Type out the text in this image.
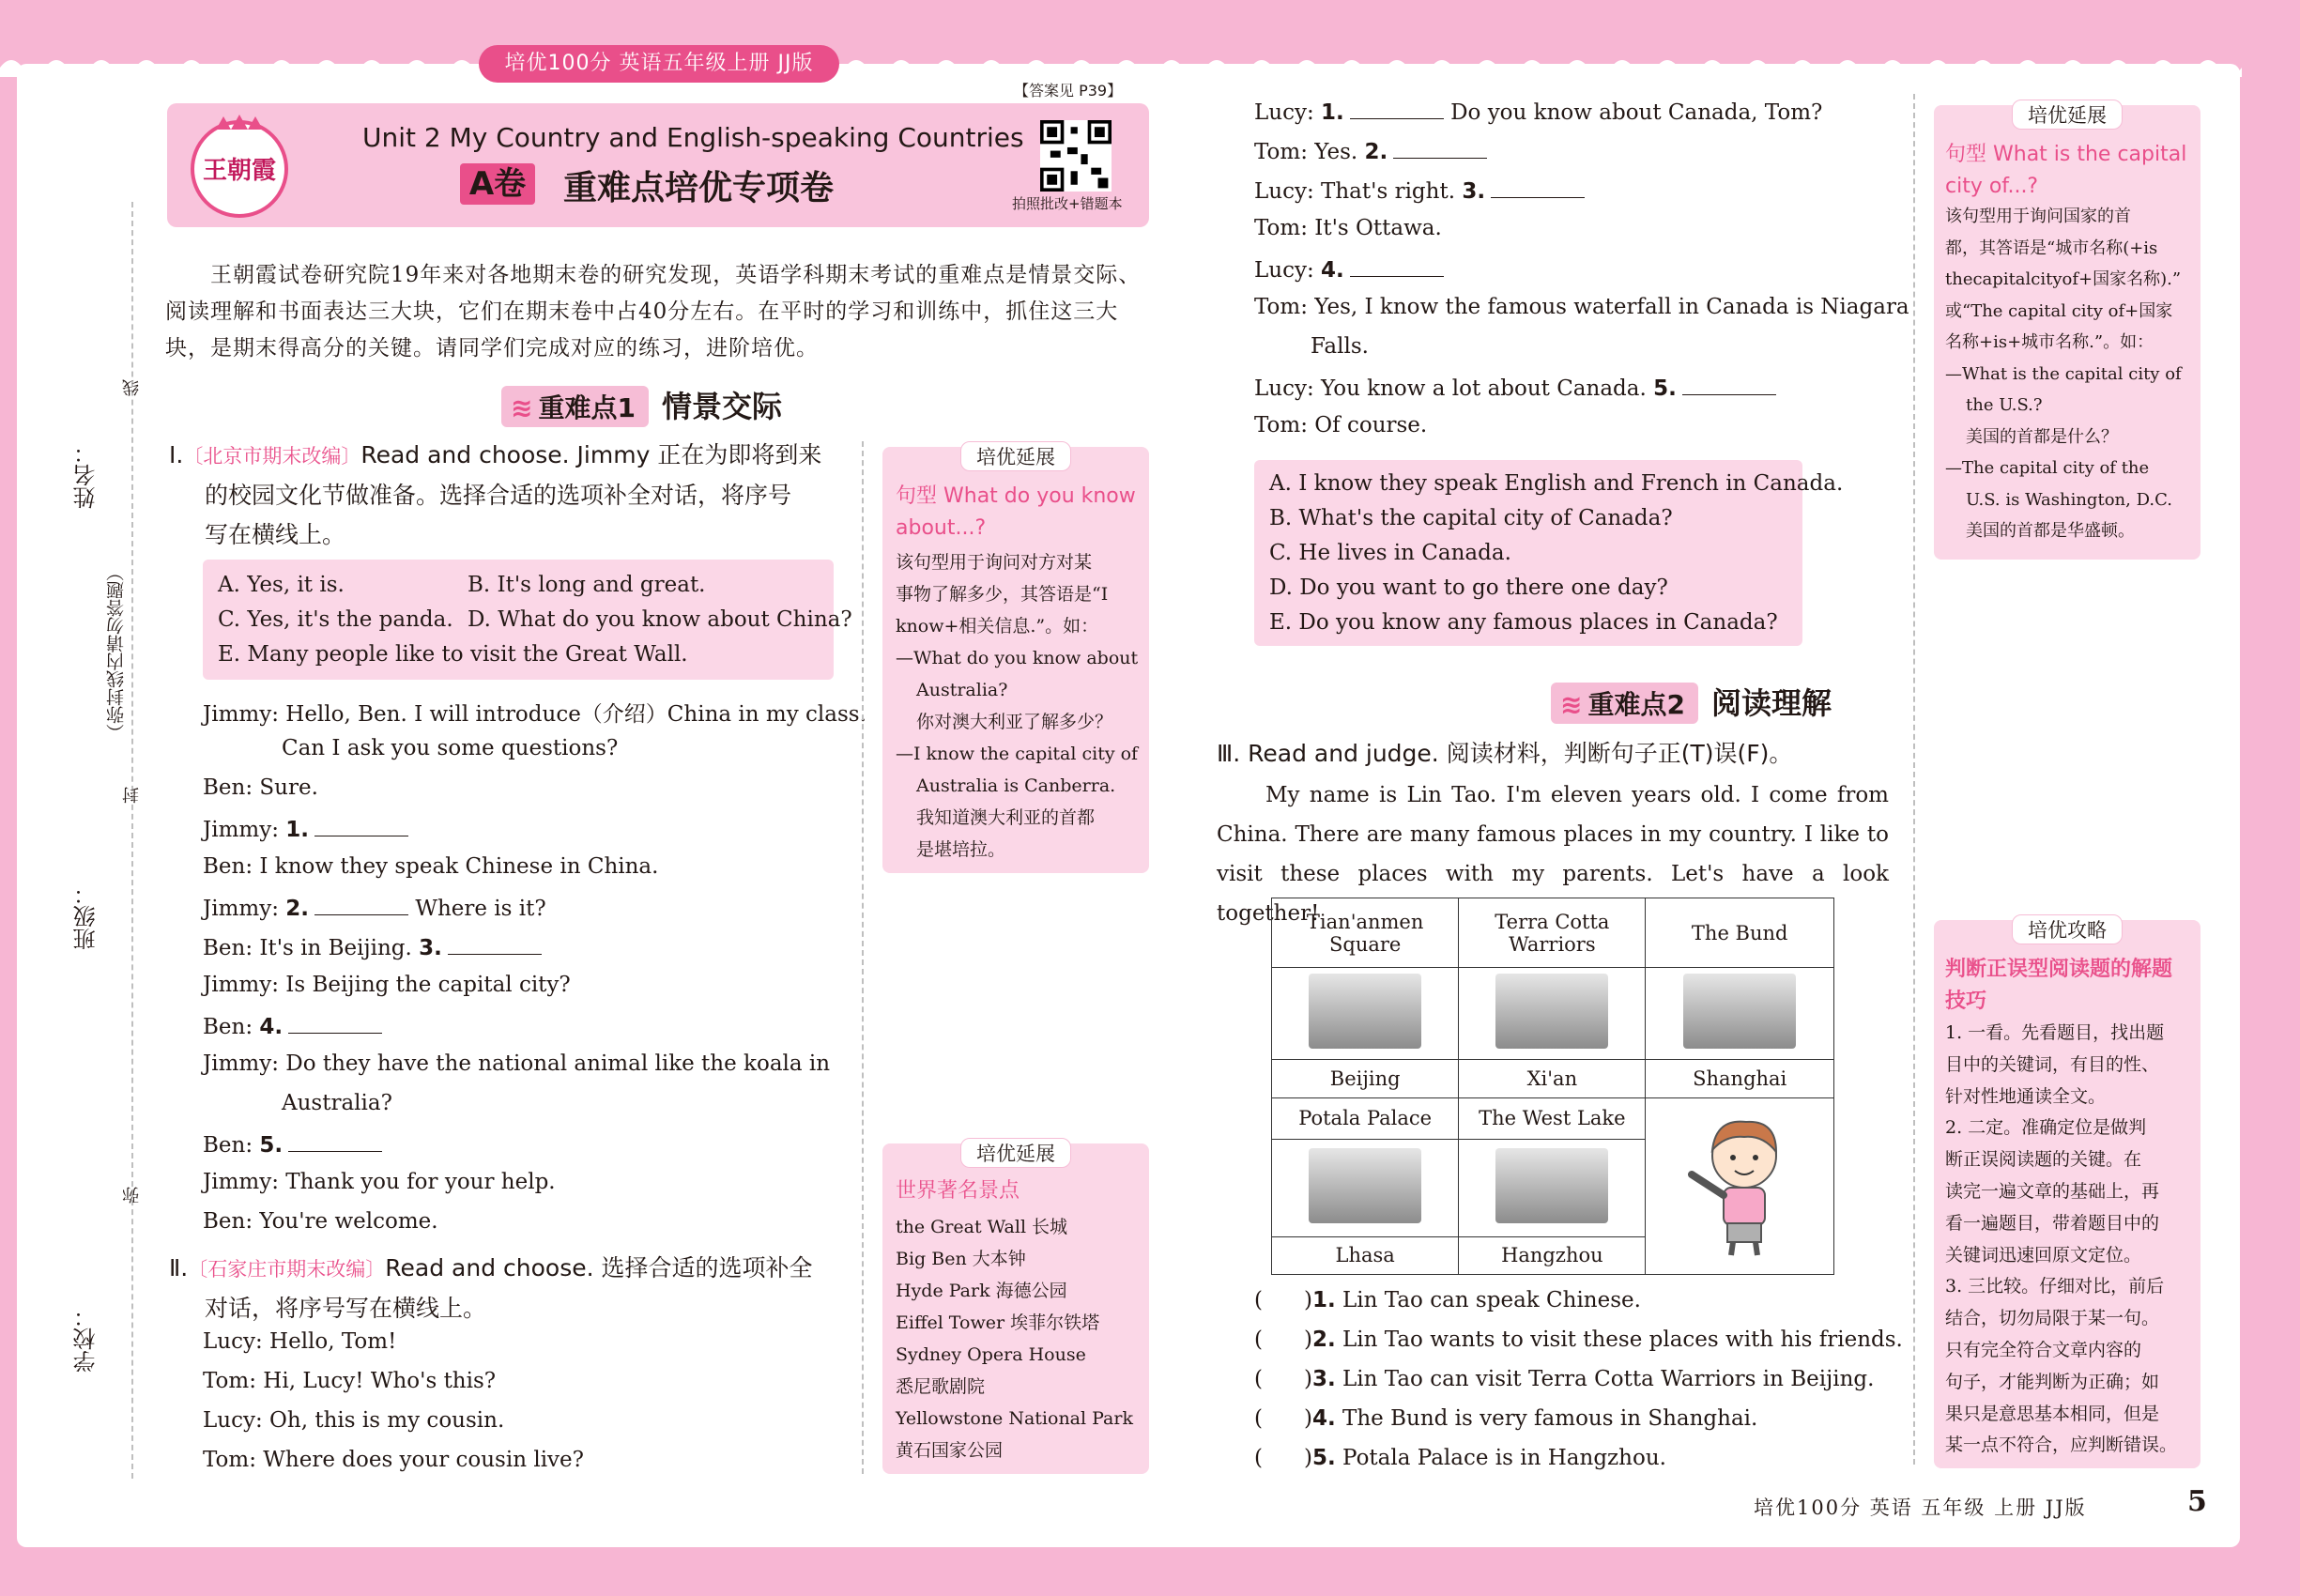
培优100分 英语五年级上册 JJ版
【答案见 P39】
王朝霞
Unit 2 My Country and English-speaking Countries
A卷 重难点培优专项卷	拍照批改+错题本
王朝霞试卷研究院19年来对各地期末卷的研究发现，英语学科期末考试的重难点是情景交际、阅读理解和书面表达三大块，它们在期末卷中占40分左右。在平时的学习和训练中，抓住这三大块，是期末得高分的关键。请同学们完成对应的练习，进阶培优。
姓名：
班级：
学校：
（弥封线内请勿答题）
线
封
弥
≋ 重难点1 情景交际
Ⅰ.〔北京市期末改编〕Read and choose. Jimmy 正在为即将到来
的校园文化节做准备。选择合适的选项补全对话，将序号
写在横线上。
A. Yes, it is.	B. It's long and great.
C. Yes, it's the panda. D. What do you know about China?
E. Many people like to visit the Great Wall.
Jimmy: Hello, Ben. I will introduce（介绍）China in my class.
Can I ask you some questions?
Ben: Sure.
Jimmy: 1.
Ben: I know they speak Chinese in China.
Jimmy: 2.	Where is it?
Ben: It's in Beijing. 3.
Jimmy: Is Beijing the capital city?
Ben: 4.
Jimmy: Do they have the national animal like the koala in
Australia?
Ben: 5.
Jimmy: Thank you for your help.
Ben: You're welcome.
Ⅱ.〔石家庄市期末改编〕Read and choose. 选择合适的选项补全
对话，将序号写在横线上。
Lucy: Hello, Tom!
Tom: Hi, Lucy! Who's this?
Lucy: Oh, this is my cousin.
Tom: Where does your cousin live?
培优延展
句型 What do you know
about...?
该句型用于询问对方对某
事物了解多少，其答语是“I
know+相关信息.”。如：
—What do you know about
Australia?
你对澳大利亚了解多少？
—I know the capital city of
Australia is Canberra.
我知道澳大利亚的首都
是堪培拉。
培优延展
世界著名景点
the Great Wall 长城
Big Ben 大本钟
Hyde Park 海德公园
Eiffel Tower 埃菲尔铁塔
Sydney Opera House
悉尼歌剧院
Yellowstone National Park
黄石国家公园
Lucy: 1.	Do you know about Canada, Tom?
Tom: Yes. 2.
Lucy: That's right. 3.
Tom: It's Ottawa.
Lucy: 4.
Tom: Yes, I know the famous waterfall in Canada is Niagara
Falls.
Lucy: You know a lot about Canada. 5.
Tom: Of course.
A. I know they speak English and French in Canada.
B. What's the capital city of Canada?
C. He lives in Canada.
D. Do you want to go there one day?
E. Do you know any famous places in Canada?
培优延展
句型 What is the capital
city of...?
该句型用于询问国家的首
都，其答语是“城市名称(+is
thecapitalcityof+国家名称).”
或“The capital city of+国家
名称+is+城市名称.”。如：
—What is the capital city of
the U.S.?
美国的首都是什么？
—The capital city of the
U.S. is Washington, D.C.
美国的首都是华盛顿。
培优攻略
判断正误型阅读题的解题
技巧
1. 一看。先看题目，找出题
目中的关键词，有目的性、
针对性地通读全文。
2. 二定。准确定位是做判
断正误阅读题的关键。在
读完一遍文章的基础上，再
看一遍题目，带着题目中的
关键词迅速回原文定位。
3. 三比较。仔细对比，前后
结合，切勿局限于某一句。
只有完全符合文章内容的
句子，才能判断为正确；如
果只是意思基本相同，但是
某一点不符合，应判断错误。
≋ 重难点2 阅读理解
Ⅲ. Read and judge. 阅读材料，判断句子正(T)误(F)。
My name is Lin Tao. I'm eleven years old. I come from China. There are many famous places in my country. I like to visit these places with my parents. Let's have a look together!
Tian'anmen Square	Terra Cotta Warriors	The Bund

Beijing	Xi'an	Shanghai
Potala Palace	The West Lake	

Lhasa	Hangzhou	
( )1. Lin Tao can speak Chinese.
( )2. Lin Tao wants to visit these places with his friends.
( )3. Lin Tao can visit Terra Cotta Warriors in Beijing.
( )4. The Bund is very famous in Shanghai.
( )5. Potala Palace is in Hangzhou.
培优100分 英语 五年级 上册 JJ版	5
